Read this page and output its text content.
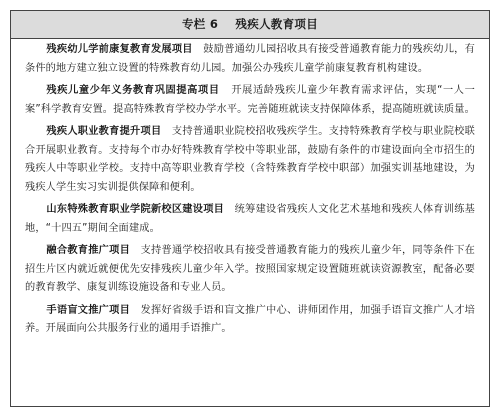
专栏 6 残疾人教育项目

残疾幼儿学前康复教育发展项目 鼓励普通幼儿园招收具有接受普通教育能力的残疾幼儿，有条件的地方建立独立设置的特殊教育幼儿园。加强公办残疾儿童学前康复教育机构建设。

残疾儿童少年义务教育巩固提高项目 开展适龄残疾儿童少年教育需求评估，实现“一人一案”科学教育安置。提高特殊教育学校办学水平。完善随班就读支持保障体系，提高随班就读质量。

残疾人职业教育提升项目 支持普通职业院校招收残疾学生。支持特殊教育学校与职业院校联合开展职业教育。支持每个市办好特殊教育学校中等职业部，鼓励有条件的市建设面向全市招生的残疾人中等职业学校。支持中高等职业教育学校（含特殊教育学校中职部）加强实训基地建设，为残疾人学生实习实训提供保障和便利。

山东特殊教育职业学院新校区建设项目 统筹建设省残疾人文化艺术基地和残疾人体育训练基地，“十四五”期间全面建成。

融合教育推广项目 支持普通学校招收具有接受普通教育能力的残疾儿童少年，同等条件下在招生片区内就近就便优先安排残疾儿童少年入学。按照国家规定设置随班就读资源教室，配备必要的教育教学、康复训练设施设备和专业人员。

手语盲文推广项目 发挥好省级手语和盲文推广中心、讲师团作用，加强手语盲文推广人才培养。开展面向公共服务行业的通用手语推广。
